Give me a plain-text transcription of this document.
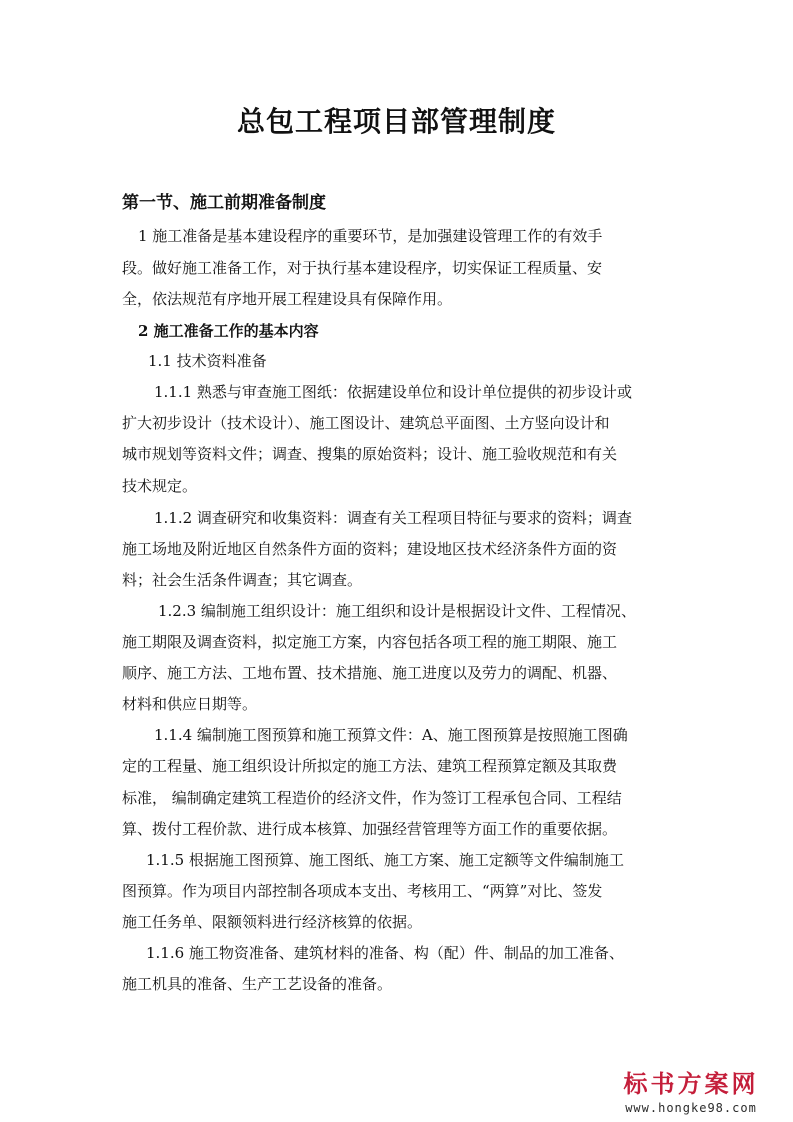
总包工程项目部管理制度
第一节、施工前期准备制度
1 施工准备是基本建设程序的重要环节，是加强建设管理工作的有效手
段。做好施工准备工作，对于执行基本建设程序，切实保证工程质量、安
全，依法规范有序地开展工程建设具有保障作用。
2 施工准备工作的基本内容
1.1 技术资料准备
1.1.1 熟悉与审查施工图纸：依据建设单位和设计单位提供的初步设计或
扩大初步设计（技术设计）、施工图设计、建筑总平面图、土方竖向设计和
城市规划等资料文件；调查、搜集的原始资料；设计、施工验收规范和有关
技术规定。
1.1.2 调查研究和收集资料：调查有关工程项目特征与要求的资料；调查
施工场地及附近地区自然条件方面的资料；建设地区技术经济条件方面的资
料；社会生活条件调查；其它调查。
1.2.3 编制施工组织设计：施工组织和设计是根据设计文件、工程情况、
施工期限及调查资料，拟定施工方案，内容包括各项工程的施工期限、施工
顺序、施工方法、工地布置、技术措施、施工进度以及劳力的调配、机器、
材料和供应日期等。
1.1.4 编制施工图预算和施工预算文件：A、施工图预算是按照施工图确
定的工程量、施工组织设计所拟定的施工方法、建筑工程预算定额及其取费
标准， 编制确定建筑工程造价的经济文件，作为签订工程承包合同、工程结
算、拨付工程价款、进行成本核算、加强经营管理等方面工作的重要依据。
1.1.5 根据施工图预算、施工图纸、施工方案、施工定额等文件编制施工
图预算。作为项目内部控制各项成本支出、考核用工、“两算”对比、签发
施工任务单、限额领料进行经济核算的依据。
1.1.6 施工物资准备、建筑材料的准备、构（配）件、制品的加工准备、
施工机具的准备、生产工艺设备的准备。
标书方案网
www.hongke98.com
